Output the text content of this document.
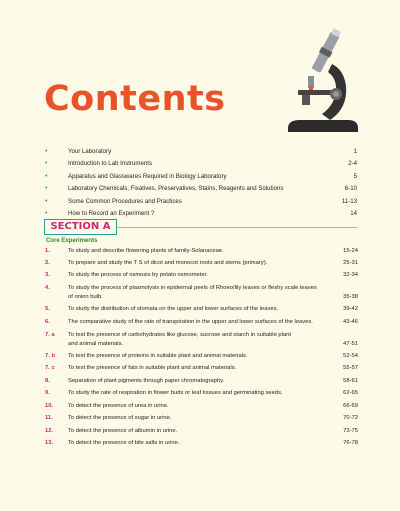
Contents
•	Your Laboratory	1
•	Introduction to Lab Instruments	2-4
•	Apparatus and Glasswares Required in Biology Laboratory	5
•	Laboratory Chemicals, Fixatives, Preservatives, Stains, Reagents and Solutions	6-10
•	Some Common Procedures and Practices	11-13
•	How to Record an Experiment ?	14
SECTION A
Core Experiments
1.	To study and describe flowering plants of family-Solanaceae.	15-24
2.	To prepare and study the T S of dicot and monocot roots and stems (primary).	25-31
3.	To study the process of osmosis by potato osmometer.	32-34
4.	To study the process of plasmolysis in epidermal peels of Rhoeo/lily leaves or fleshy scale leaves of onion bulb.	35-38
5.	To study the distribution of stomata on the upper and lower surfaces of the leaves.	39-42
6.	The comparative study of the rate of transpiration in the upper and lower surfaces of the leaves.	43-46
7. a To test the presence of carbohydrates like glucose, sucrose and starch in suitable plant and animal materials.	47-51
7. b To test the presence of proteins in suitable plant and animal materials.	52-54
7. c To test the presence of fats in suitable plant and animal materials.	55-57
8.	Separation of plant pigments through paper chromatography.	58-61
9.	To study the rate of respiration in flower buds or leaf tissues and germinating seeds.	62-65
10.	To detect the presence of urea in urine.	66-69
11.	To detect the presence of sugar in urine.	70-72
12.	To detect the presence of albumin in urine.	73-75
13.	To detect the presence of bile salts in urine.	76-78
